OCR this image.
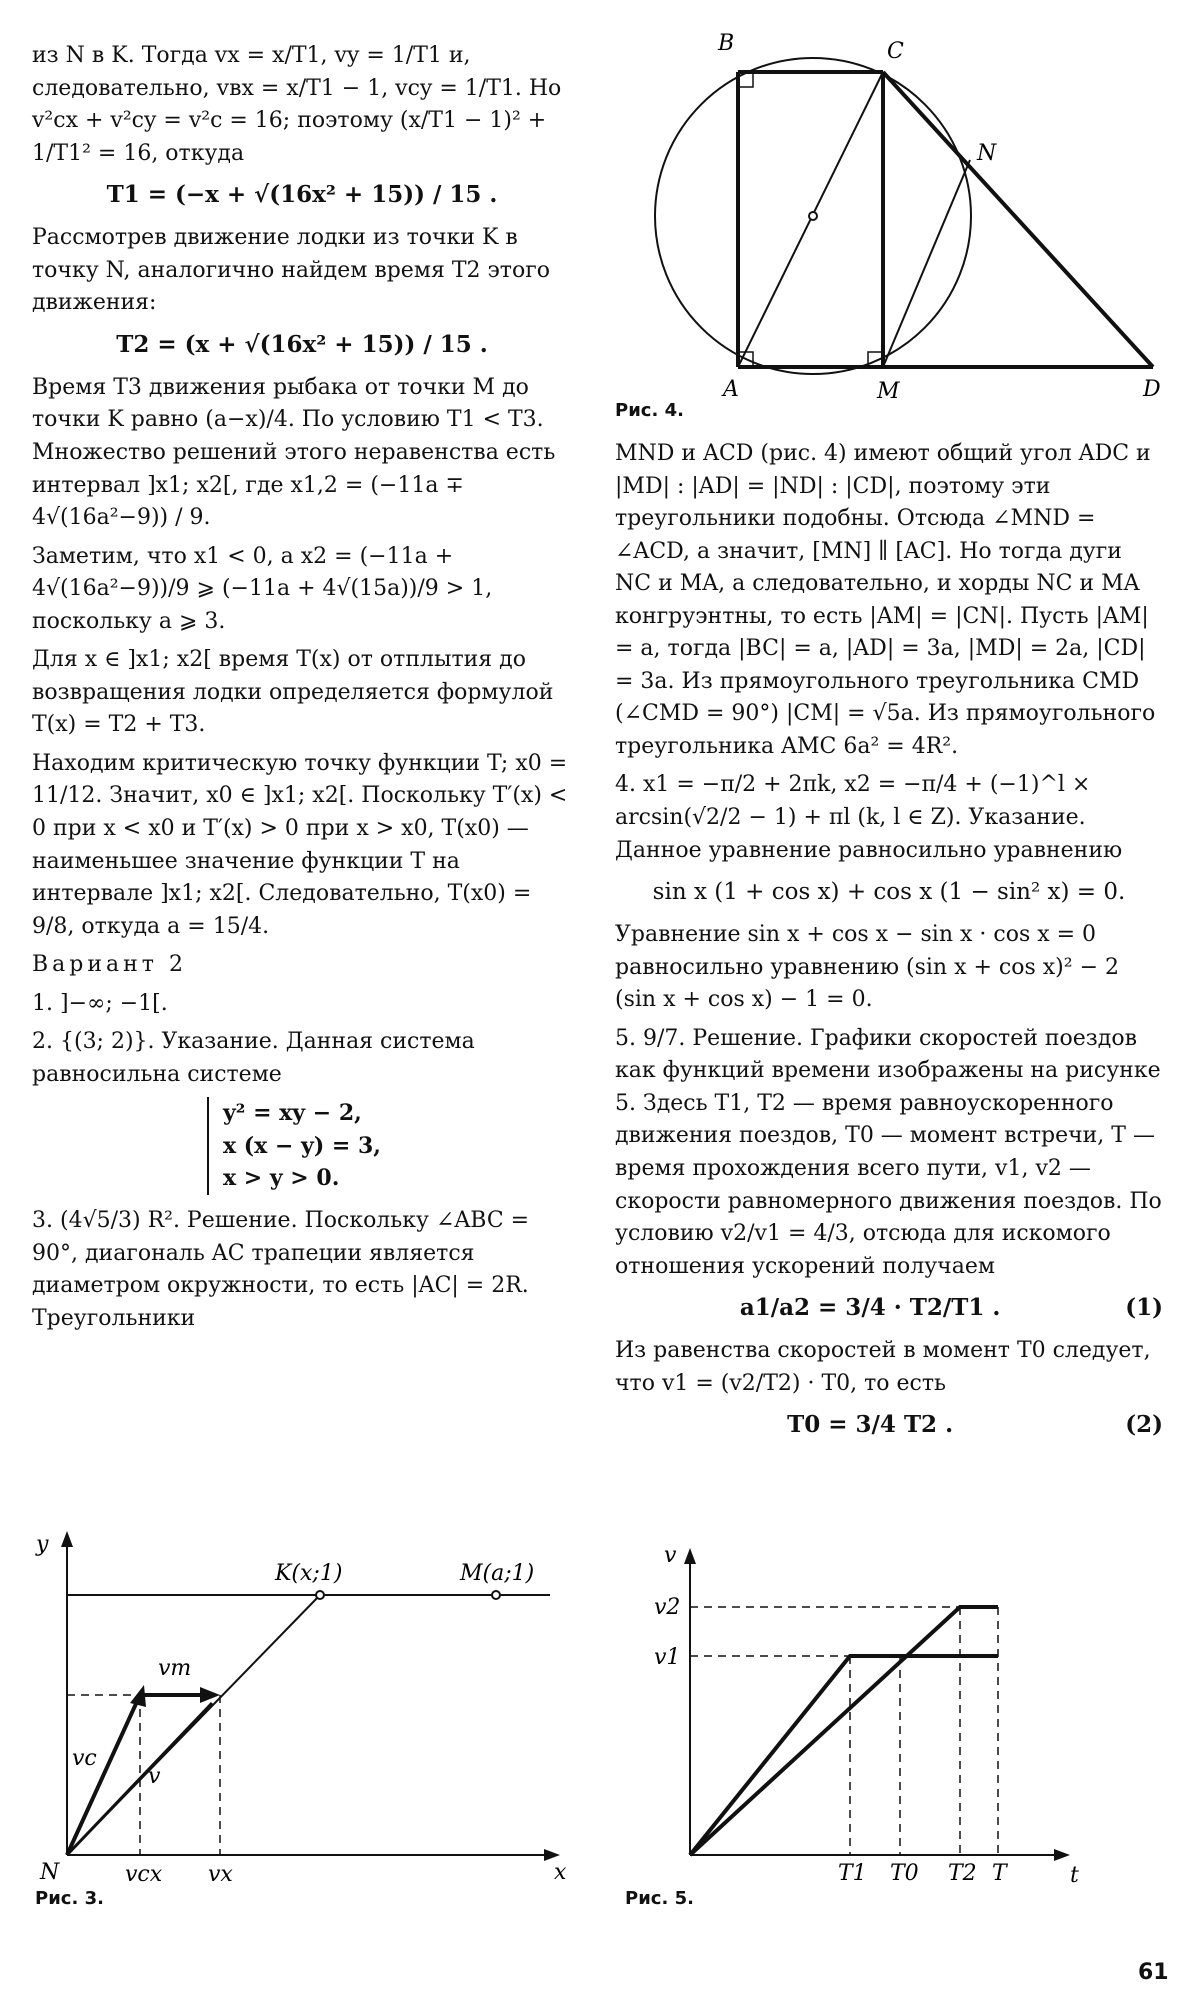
из N в K. Тогда vx = x/T1, vy = 1/T1 и, следовательно, vвx = x/T1 − 1, vсy = 1/T1. Но v²сx + v²сy = v²с = 16; поэтому (x/T1 − 1)² + 1/T1² = 16, откуда

T1 = (−x + √(16x² + 15)) / 15 .

Рассмотрев движение лодки из точки K в точку N, аналогично найдем время T2 этого движения:

T2 = (x + √(16x² + 15)) / 15 .

Время T3 движения рыбака от точки M до точки K равно (a−x)/4. По условию T1 < T3. Множество решений этого неравенства есть интервал ]x1; x2[, где x1,2 = (−11a ∓ 4√(16a²−9)) / 9.

Заметим, что x1 < 0, а x2 = (−11a + 4√(16a²−9))/9 ⩾ (−11a + 4√(15a))/9 > 1, поскольку a ⩾ 3.

Для x ∈ ]x1; x2[ время T(x) от отплытия до возвращения лодки определяется формулой T(x) = T2 + T3.

Находим критическую точку функции T; x0 = 11/12. Значит, x0 ∈ ]x1; x2[. Поскольку T′(x) < 0 при x < x0 и T′(x) > 0 при x > x0, T(x0) — наименьшее значение функции T на интервале ]x1; x2[. Следовательно, T(x0) = 9/8, откуда a = 15/4.

Вариант 2

1. ]−∞; −1[.

2. {(3; 2)}. Указание. Данная система равносильна системе

y² = xy − 2,
x (x − y) = 3,
x > y > 0.

3. (4√5/3) R². Решение. Поскольку ∠ABC = 90°, диагональ AC трапеции является диаметром окружности, то есть |AC| = 2R. Треугольники

MND и ACD (рис. 4) имеют общий угол ADC и |MD| : |AD| = |ND| : |CD|, поэтому эти треугольники подобны. Отсюда ∠MND = ∠ACD, а значит, [MN] ∥ [AC]. Но тогда дуги NC и MA, а следовательно, и хорды NC и MA конгруэнтны, то есть |AM| = |CN|. Пусть |AM| = a, тогда |BC| = a, |AD| = 3a, |MD| = 2a, |CD| = 3a. Из прямоугольного треугольника CMD (∠CMD = 90°) |CM| = √5a. Из прямоугольного треугольника AMC 6a² = 4R².

4. x1 = −π/2 + 2πk, x2 = −π/4 + (−1)^l × arcsin(√2/2 − 1) + πl (k, l ∈ Z). Указание. Данное уравнение равносильно уравнению

sin x (1 + cos x) + cos x (1 − sin² x) = 0.

Уравнение sin x + cos x − sin x · cos x = 0 равносильно уравнению (sin x + cos x)² − 2 (sin x + cos x) − 1 = 0.

5. 9/7. Решение. Графики скоростей поездов как функций времени изображены на рисунке 5. Здесь T1, T2 — время равноускоренного движения поездов, T0 — момент встречи, T — время прохождения всего пути, v1, v2 — скорости равномерного движения поездов. По условию v2/v1 = 4/3, отсюда для искомого отношения ускорений получаем

a1/a2 = 3/4 · T2/T1 .	(1)

Из равенства скоростей в момент T0 следует, что v1 = (v2/T2) · T0, то есть

T0 = 3/4 T2 .	(2)
B	C
N
A	M	D
Рис. 4.
y
x
N
K(x;1)	M(a;1)
vcx vx
vт
vc
v
Рис. 3.
v
v2
v1
t
T1 T0 T2 T
Рис. 5.
61
